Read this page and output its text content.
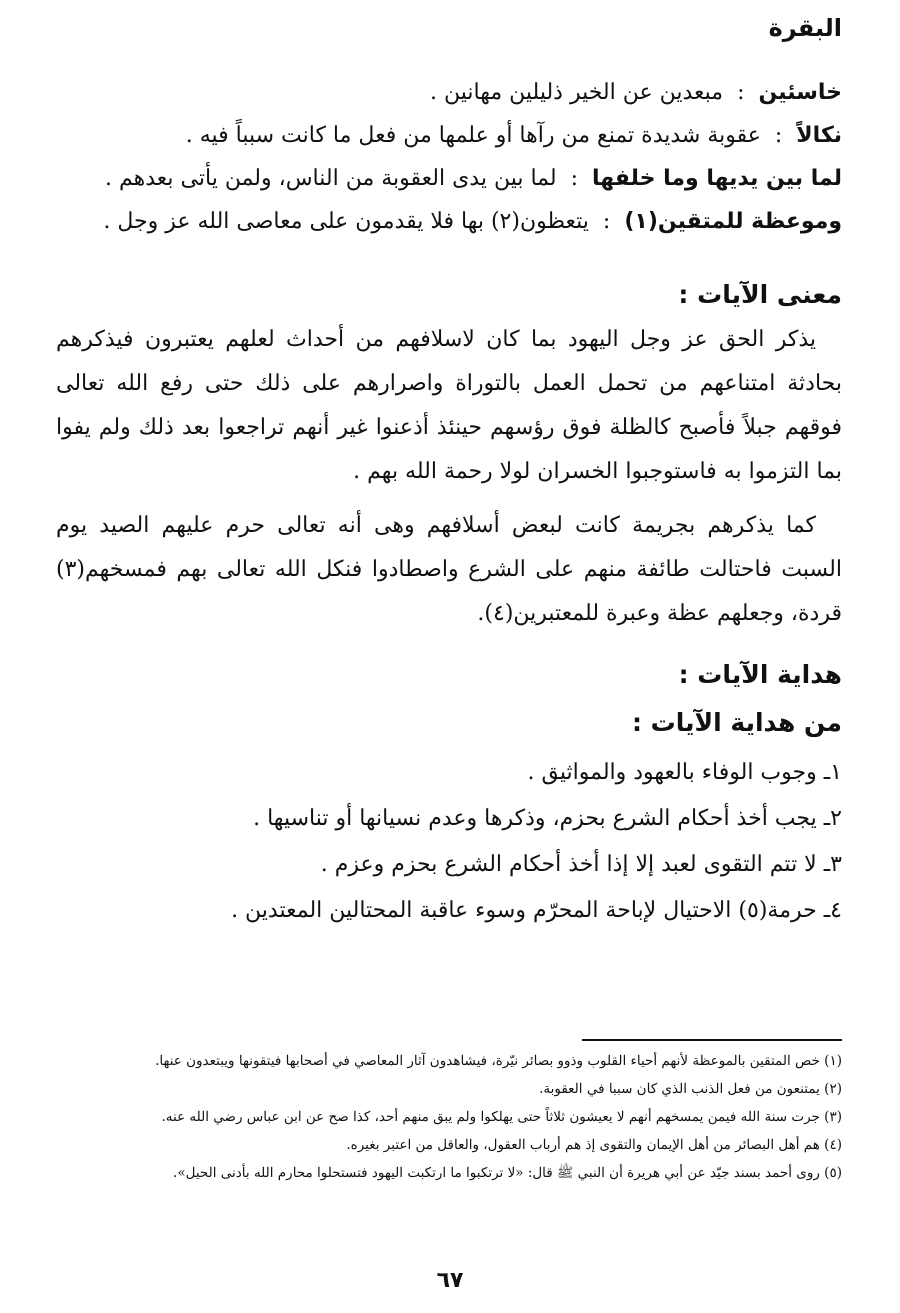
البقرة
خاسئين
:
مبعدين عن الخير ذليلين مهانين .
نكالاً
:
عقوبة شديدة تمنع من رآها أو علمها من فعل ما كانت سبباً فيه .
لما بين يديها وما خلفها
:
لما بين يدى العقوبة من الناس، ولمن يأتى بعدهم .
وموعظة للمتقين(١)
:
يتعظون(٢) بها فلا يقدمون على معاصى الله عز وجل .
معنى الآيات :

يذكر الحق عز وجل اليهود بما كان لاسلافهم من أحداث لعلهم يعتبرون فيذكرهم بحادثة امتناعهم من تحمل العمل بالتوراة واصرارهم على ذلك حتى رفع الله تعالى فوقهم جبلاً فأصبح كالظلة فوق رؤسهم حينئذ أذعنوا غير أنهم تراجعوا بعد ذلك ولم يفوا بما التزموا به فاستوجبوا الخسران لولا رحمة الله بهم .

كما يذكرهم بجريمة كانت لبعض أسلافهم وهى أنه تعالى حرم عليهم الصيد يوم السبت فاحتالت طائفة منهم على الشرع واصطادوا فنكل الله تعالى بهم فمسخهم(٣) قردة، وجعلهم عظة وعبرة للمعتبرين(٤).

هداية الآيات :
من هداية الآيات :
١ـ وجوب الوفاء بالعهود والمواثيق .
٢ـ يجب أخذ أحكام الشرع بحزم، وذكرها وعدم نسيانها أو تناسيها .
٣ـ لا تتم التقوى لعبد إلا إذا أخذ أحكام الشرع بحزم وعزم .
٤ـ حرمة(٥) الاحتيال لإباحة المحرّم وسوء عاقبة المحتالين المعتدين .
(١) خص المتقين بالموعظة لأنهم أحياء القلوب وذوو بصائر نيّرة، فيشاهدون آثار المعاصي في أصحابها فيتقونها ويبتعدون عنها.
(٢) يمتنعون من فعل الذنب الذي كان سببا في العقوبة.
(٣) جرت سنة الله فيمن يمسخهم أنهم لا يعيشون ثلاثاً حتى يهلكوا ولم يبق منهم أحد، كذا صح عن ابن عباس رضي الله عنه.
(٤) هم أهل البصائر من أهل الإيمان والتقوى إذ هم أرباب العقول، والعاقل من اعتبر بغيره.
(٥) روى أحمد بسند جيّد عن أبي هريرة أن النبي ﷺ قال: «لا ترتكبوا ما ارتكبت اليهود فتستحلوا محارم الله بأدنى الحيل».
٦٧
